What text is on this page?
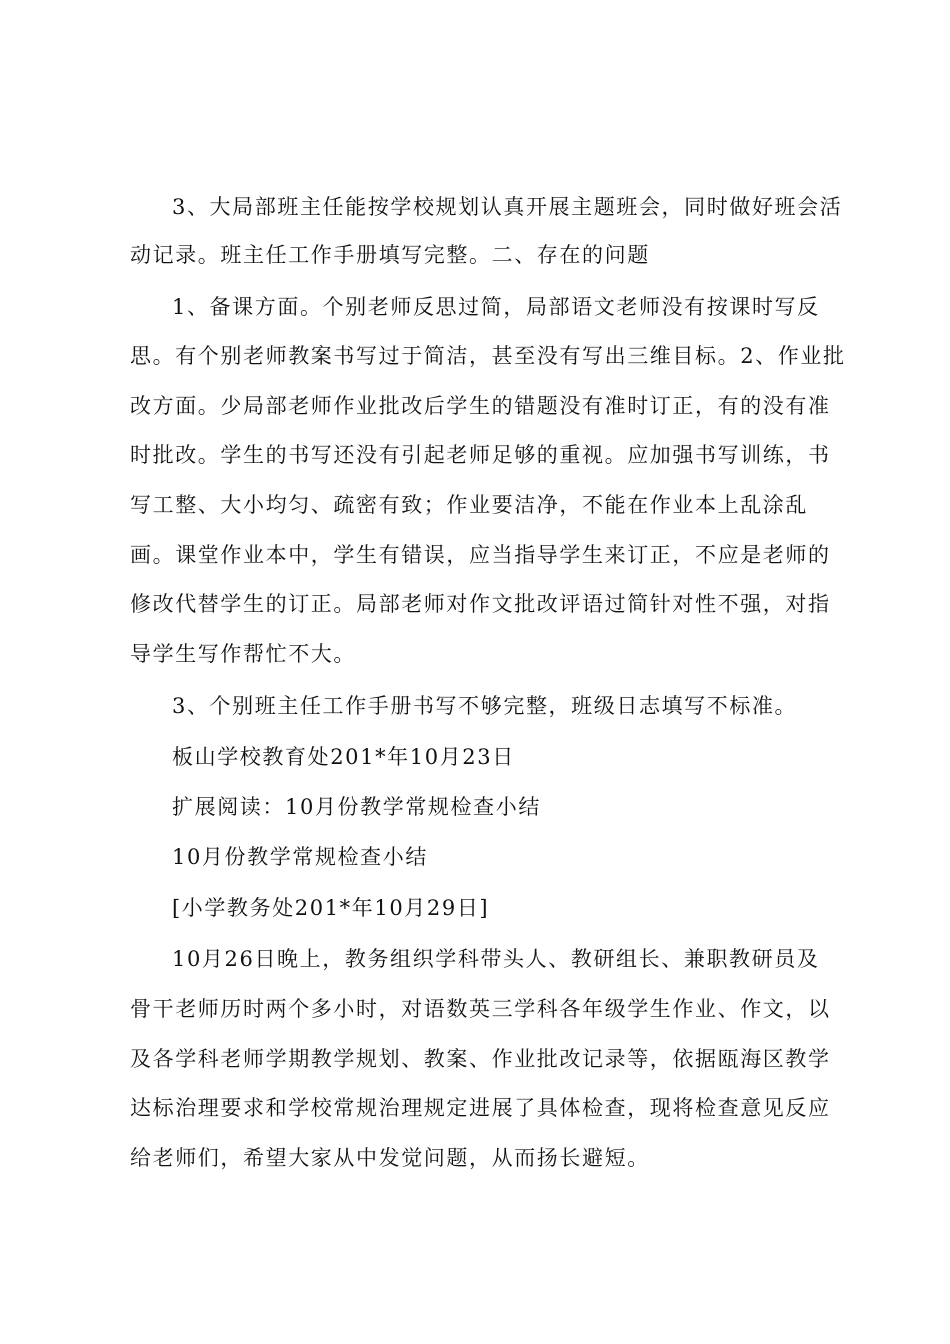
3、大局部班主任能按学校规划认真开展主题班会，同时做好班会活
动记录。班主任工作手册填写完整。二、存在的问题
1、备课方面。个别老师反思过简，局部语文老师没有按课时写反
思。有个别老师教案书写过于简洁，甚至没有写出三维目标。2、作业批
改方面。少局部老师作业批改后学生的错题没有准时订正，有的没有准
时批改。学生的书写还没有引起老师足够的重视。应加强书写训练，书
写工整、大小均匀、疏密有致；作业要洁净，不能在作业本上乱涂乱
画。课堂作业本中，学生有错误，应当指导学生来订正，不应是老师的
修改代替学生的订正。局部老师对作文批改评语过简针对性不强，对指
导学生写作帮忙不大。
3、个别班主任工作手册书写不够完整，班级日志填写不标准。
板山学校教育处201*年10月23日
扩展阅读：10月份教学常规检查小结
10月份教学常规检查小结
[小学教务处201*年10月29日]
10月26日晚上，教务组织学科带头人、教研组长、兼职教研员及
骨干老师历时两个多小时，对语数英三学科各年级学生作业、作文，以
及各学科老师学期教学规划、教案、作业批改记录等，依据瓯海区教学
达标治理要求和学校常规治理规定进展了具体检查，现将检查意见反应
给老师们，希望大家从中发觉问题，从而扬长避短。
